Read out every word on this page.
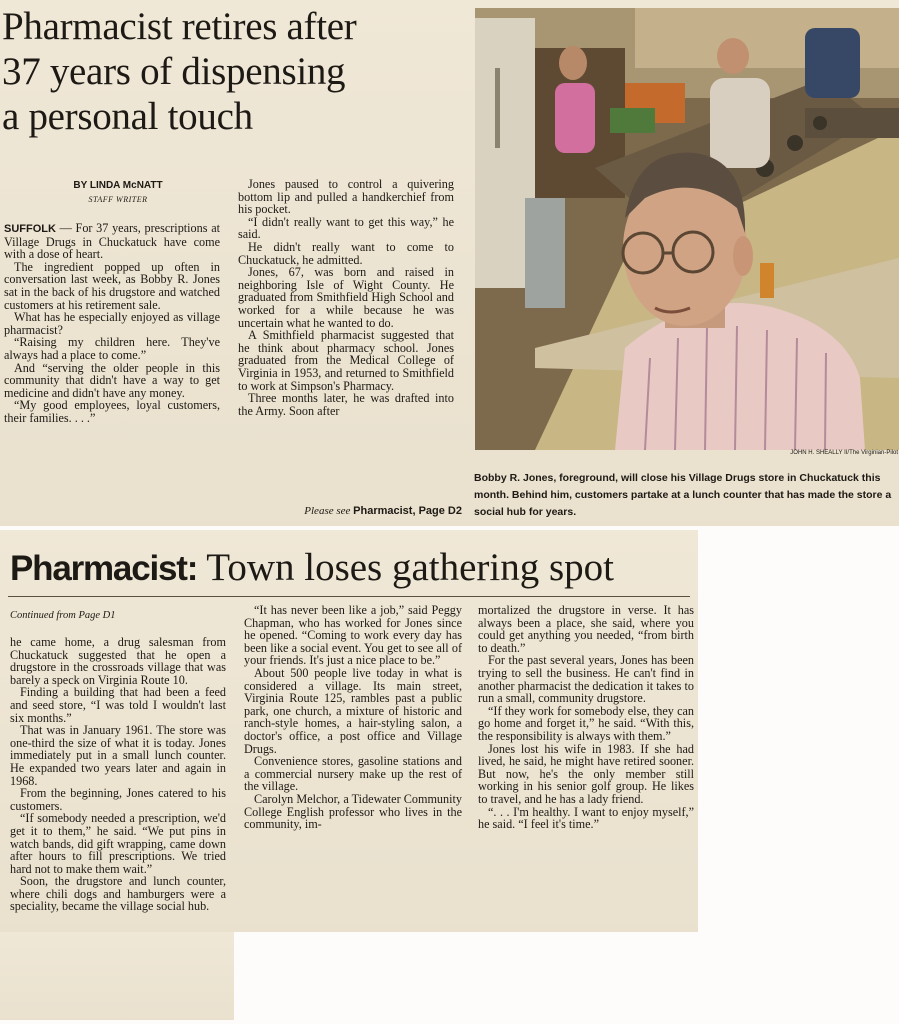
Pharmacist retires after
37 years of dispensing
a personal touch
BY LINDA McNATT
STAFF WRITER

SUFFOLK — For 37 years, prescriptions at Village Drugs in Chuckatuck have come with a dose of heart.

The ingredient popped up often in conversation last week, as Bobby R. Jones sat in the back of his drugstore and watched customers at his retirement sale.

What has he especially enjoyed as village pharmacist?

“Raising my children here. They've always had a place to come.”

And “serving the older people in this community that didn't have a way to get medicine and didn't have any money.

“My good employees, loyal customers, their families. . . .”

Jones paused to control a quivering bottom lip and pulled a handkerchief from his pocket.

“I didn't really want to get this way,” he said.

He didn't really want to come to Chuckatuck, he admitted.

Jones, 67, was born and raised in neighboring Isle of Wight County. He graduated from Smithfield High School and worked for a while because he was uncertain what he wanted to do.

A Smithfield pharmacist suggested that he think about pharmacy school. Jones graduated from the Medical College of Virginia in 1953, and returned to Smithfield to work at Simpson's Pharmacy.

Three months later, he was drafted into the Army. Soon after

Please see Pharmacist, Page D2
JOHN H. SHEALLY II/The Virginian-Pilot
Bobby R. Jones, foreground, will close his Village Drugs store in Chuckatuck this month. Behind him, customers partake at a lunch counter that has made the store a social hub for years.
Pharmacist: Town loses gathering spot
Continued from Page D1

he came home, a drug salesman from Chuckatuck suggested that he open a drugstore in the crossroads village that was barely a speck on Virginia Route 10.

Finding a building that had been a feed and seed store, “I was told I wouldn't last six months.”

That was in January 1961. The store was one-third the size of what it is today. Jones immediately put in a small lunch counter. He expanded two years later and again in 1968.

From the beginning, Jones catered to his customers.

“If somebody needed a prescription, we'd get it to them,” he said. “We put pins in watch bands, did gift wrapping, came down after hours to fill prescriptions. We tried hard not to make them wait.”

Soon, the drugstore and lunch counter, where chili dogs and hamburgers were a speciality, became the village social hub.

“It has never been like a job,” said Peggy Chapman, who has worked for Jones since he opened. “Coming to work every day has been like a social event. You get to see all of your friends. It's just a nice place to be.”

About 500 people live today in what is considered a village. Its main street, Virginia Route 125, rambles past a public park, one church, a mixture of historic and ranch-style homes, a hair-styling salon, a doctor's office, a post office and Village Drugs.

Convenience stores, gasoline stations and a commercial nursery make up the rest of the village.

Carolyn Melchor, a Tidewater Community College English professor who lives in the community, im-

mortalized the drugstore in verse. It has always been a place, she said, where you could get anything you needed, “from birth to death.”

For the past several years, Jones has been trying to sell the business. He can't find in another pharmacist the dedication it takes to run a small, community drugstore.

“If they work for somebody else, they can go home and forget it,” he said. “With this, the responsibility is always with them.”

Jones lost his wife in 1983. If she had lived, he said, he might have retired sooner. But now, he's the only member still working in his senior golf group. He likes to travel, and he has a lady friend.

“. . . I'm healthy. I want to enjoy myself,” he said. “I feel it's time.”
